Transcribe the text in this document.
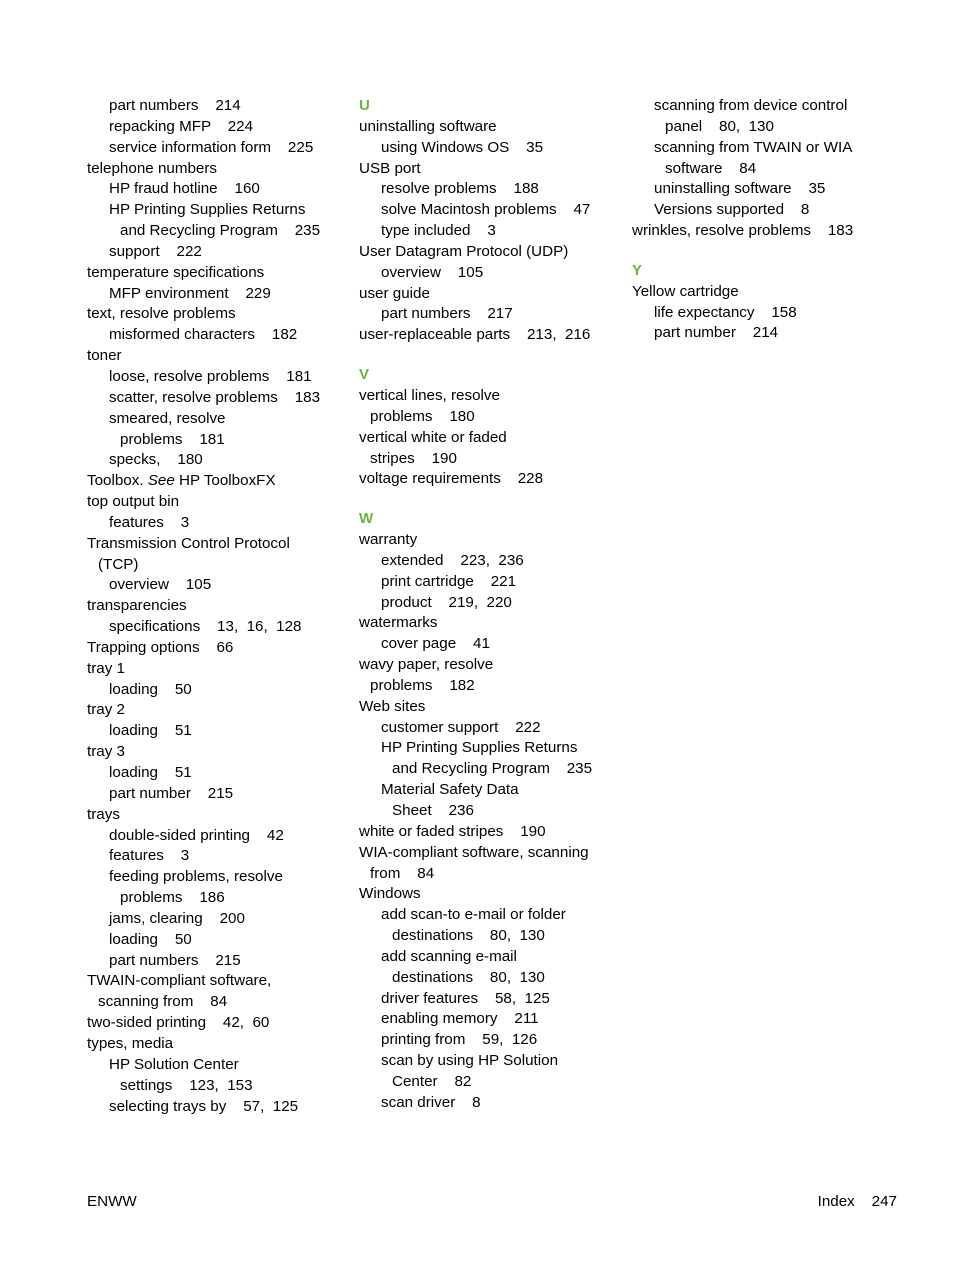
part numbers    214
repacking MFP    224
service information form    225
telephone numbers
HP fraud hotline    160
HP Printing Supplies Returns
and Recycling Program    235
support    222
temperature specifications
MFP environment    229
text, resolve problems
misformed characters    182
toner
loose, resolve problems    181
scatter, resolve problems    183
smeared, resolve
problems    181
specks,    180
Toolbox. See HP ToolboxFX
top output bin
features    3
Transmission Control Protocol
(TCP)
overview    105
transparencies
specifications    13,  16,  128
Trapping options    66
tray 1
loading    50
tray 2
loading    51
tray 3
loading    51
part number    215
trays
double-sided printing    42
features    3
feeding problems, resolve
problems    186
jams, clearing    200
loading    50
part numbers    215
TWAIN-compliant software,
scanning from    84
two-sided printing    42,  60
types, media
HP Solution Center
settings    123,  153
selecting trays by    57,  125
U
uninstalling software
using Windows OS    35
USB port
resolve problems    188
solve Macintosh problems    47
type included    3
User Datagram Protocol (UDP)
overview    105
user guide
part numbers    217
user-replaceable parts    213,  216
V
vertical lines, resolve
problems    180
vertical white or faded
stripes    190
voltage requirements    228
W
warranty
extended    223,  236
print cartridge    221
product    219,  220
watermarks
cover page    41
wavy paper, resolve
problems    182
Web sites
customer support    222
HP Printing Supplies Returns
and Recycling Program    235
Material Safety Data
Sheet    236
white or faded stripes    190
WIA-compliant software, scanning
from    84
Windows
add scan-to e-mail or folder
destinations    80,  130
add scanning e-mail
destinations    80,  130
driver features    58,  125
enabling memory    211
printing from    59,  126
scan by using HP Solution
Center    82
scan driver    8
scanning from device control
panel    80,  130
scanning from TWAIN or WIA
software    84
uninstalling software    35
Versions supported    8
wrinkles, resolve problems    183
Y
Yellow cartridge
life expectancy    158
part number    214
ENWW	Index    247
